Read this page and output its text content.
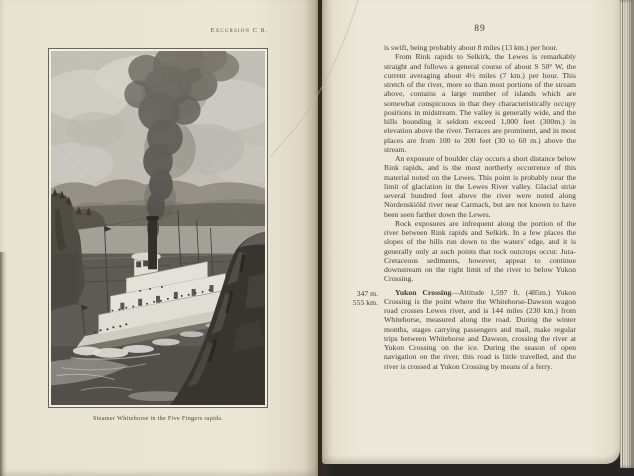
Excursion C 8.
Steamer Whitehorse in the Five Fingers rapids.
89

is swift, being probably about 8 miles (13 km.) per hour.

From Rink rapids to Selkirk, the Lewes is remarkably straight and follows a general course of about S 50° W, the current averaging about 4½ miles (7 km.) per hour. This stretch of the river, more so than most portions of the stream above, contains a large number of islands which are somewhat conspicuous in that they characteristically occupy positions in midstream. The valley is generally wide, and the hills bounding it seldom exceed 1,000 feet (300m.) in elevation above the river. Terraces are prominent, and in most places are from 100 to 200 feet (30 to 60 m.) above the stream.

An exposure of boulder clay occurs a short distance below Rink rapids, and is the most northerly occurrence of this material noted on the Lewes. This point is probably near the limit of glaciation in the Lewes River valley. Glacial striæ several hundred feet above the river were noted along Nordenskiöld river near Carmack, but are not known to have been seen farther down the Lewes.

Rock exposures are infrequent along the portion of the river between Rink rapids and Selkirk. In a few places the slopes of the hills run down to the waters' edge, and it is generally only at such points that rock outcrops occur. Jura-Cretaceous sediments, however, appear to continue downstream on the right limit of the river to below Yukon Crossing.

347 m.
555 km.

Yukon Crossing—Altitude 1,597 ft. (485m.) Yukon Crossing is the point where the Whitehorse-Dawson wagon road crosses Lewes river, and is 144 miles (230 km.) from Whitehorse, measured along the road. During the winter months, stages carrying passengers and mail, make regular trips between Whitehorse and Dawson, crossing the river at Yukon Crossing on the ice. During the season of open navigation on the river, this road is little travelled, and the river is crossed at Yukon Crossing by means of a ferry.
